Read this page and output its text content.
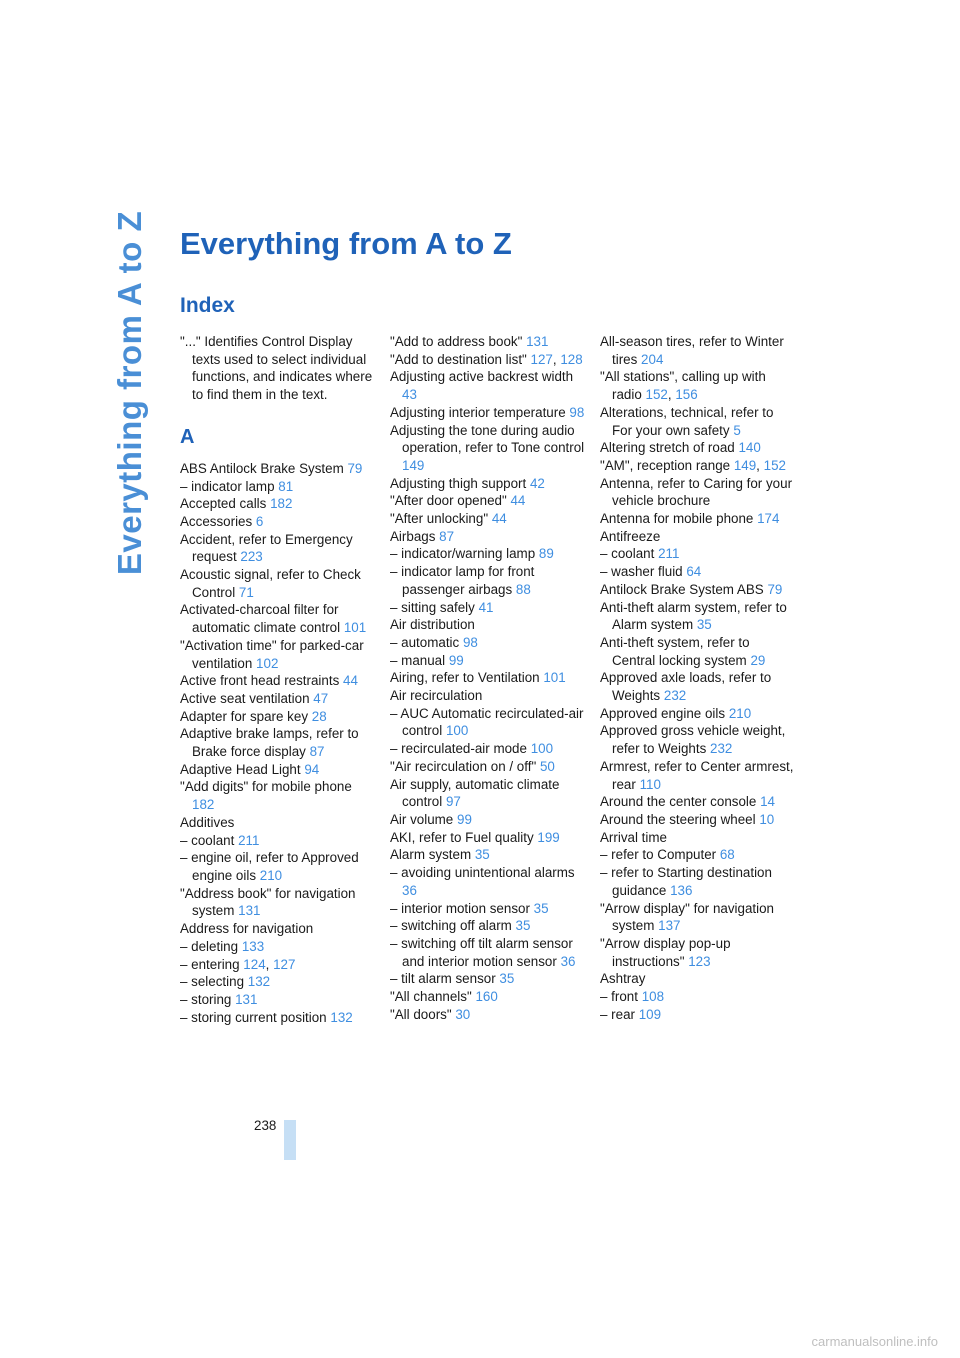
Everything from A to Z Everything from A to Z
Index
"..." Identifies Control Display texts used to select individual functions, and indicates where to find them in the text.
A
ABS Antilock Brake System 79
– indicator lamp 81
Accepted calls 182
Accessories 6
Accident, refer to Emergency request 223
Acoustic signal, refer to Check Control 71
Activated-charcoal filter for automatic climate control 101
"Activation time" for parked-car ventilation 102
Active front head restraints 44
Active seat ventilation 47
Adapter for spare key 28
Adaptive brake lamps, refer to Brake force display 87
Adaptive Head Light 94
"Add digits" for mobile phone 182
Additives
– coolant 211
– engine oil, refer to Approved engine oils 210
"Address book" for navigation system 131
Address for navigation
– deleting 133
– entering 124, 127
– selecting 132
– storing 131
– storing current position 132
"Add to address book" 131
"Add to destination list" 127, 128
Adjusting active backrest width 43
Adjusting interior temperature 98
Adjusting the tone during audio operation, refer to Tone control 149
Adjusting thigh support 42
"After door opened" 44
"After unlocking" 44
Airbags 87
– indicator/warning lamp 89
– indicator lamp for front passenger airbags 88
– sitting safely 41
Air distribution
– automatic 98
– manual 99
Airing, refer to Ventilation 101
Air recirculation
– AUC Automatic recirculated-air control 100
– recirculated-air mode 100
"Air recirculation on / off" 50
Air supply, automatic climate control 97
Air volume 99
AKI, refer to Fuel quality 199
Alarm system 35
– avoiding unintentional alarms 36
– interior motion sensor 35
– switching off alarm 35
– switching off tilt alarm sensor and interior motion sensor 36
– tilt alarm sensor 35
"All channels" 160
"All doors" 30
All-season tires, refer to Winter tires 204
"All stations", calling up with radio 152, 156
Alterations, technical, refer to For your own safety 5
Altering stretch of road 140
"AM", reception range 149, 152
Antenna, refer to Caring for your vehicle brochure
Antenna for mobile phone 174
Antifreeze
– coolant 211
– washer fluid 64
Antilock Brake System ABS 79
Anti-theft alarm system, refer to Alarm system 35
Anti-theft system, refer to Central locking system 29
Approved axle loads, refer to Weights 232
Approved engine oils 210
Approved gross vehicle weight, refer to Weights 232
Armrest, refer to Center armrest, rear 110
Around the center console 14
Around the steering wheel 10
Arrival time
– refer to Computer 68
– refer to Starting destination guidance 136
"Arrow display" for navigation system 137
"Arrow display pop-up instructions" 123
Ashtray
– front 108
– rear 109
238
carmanualsonline.info
